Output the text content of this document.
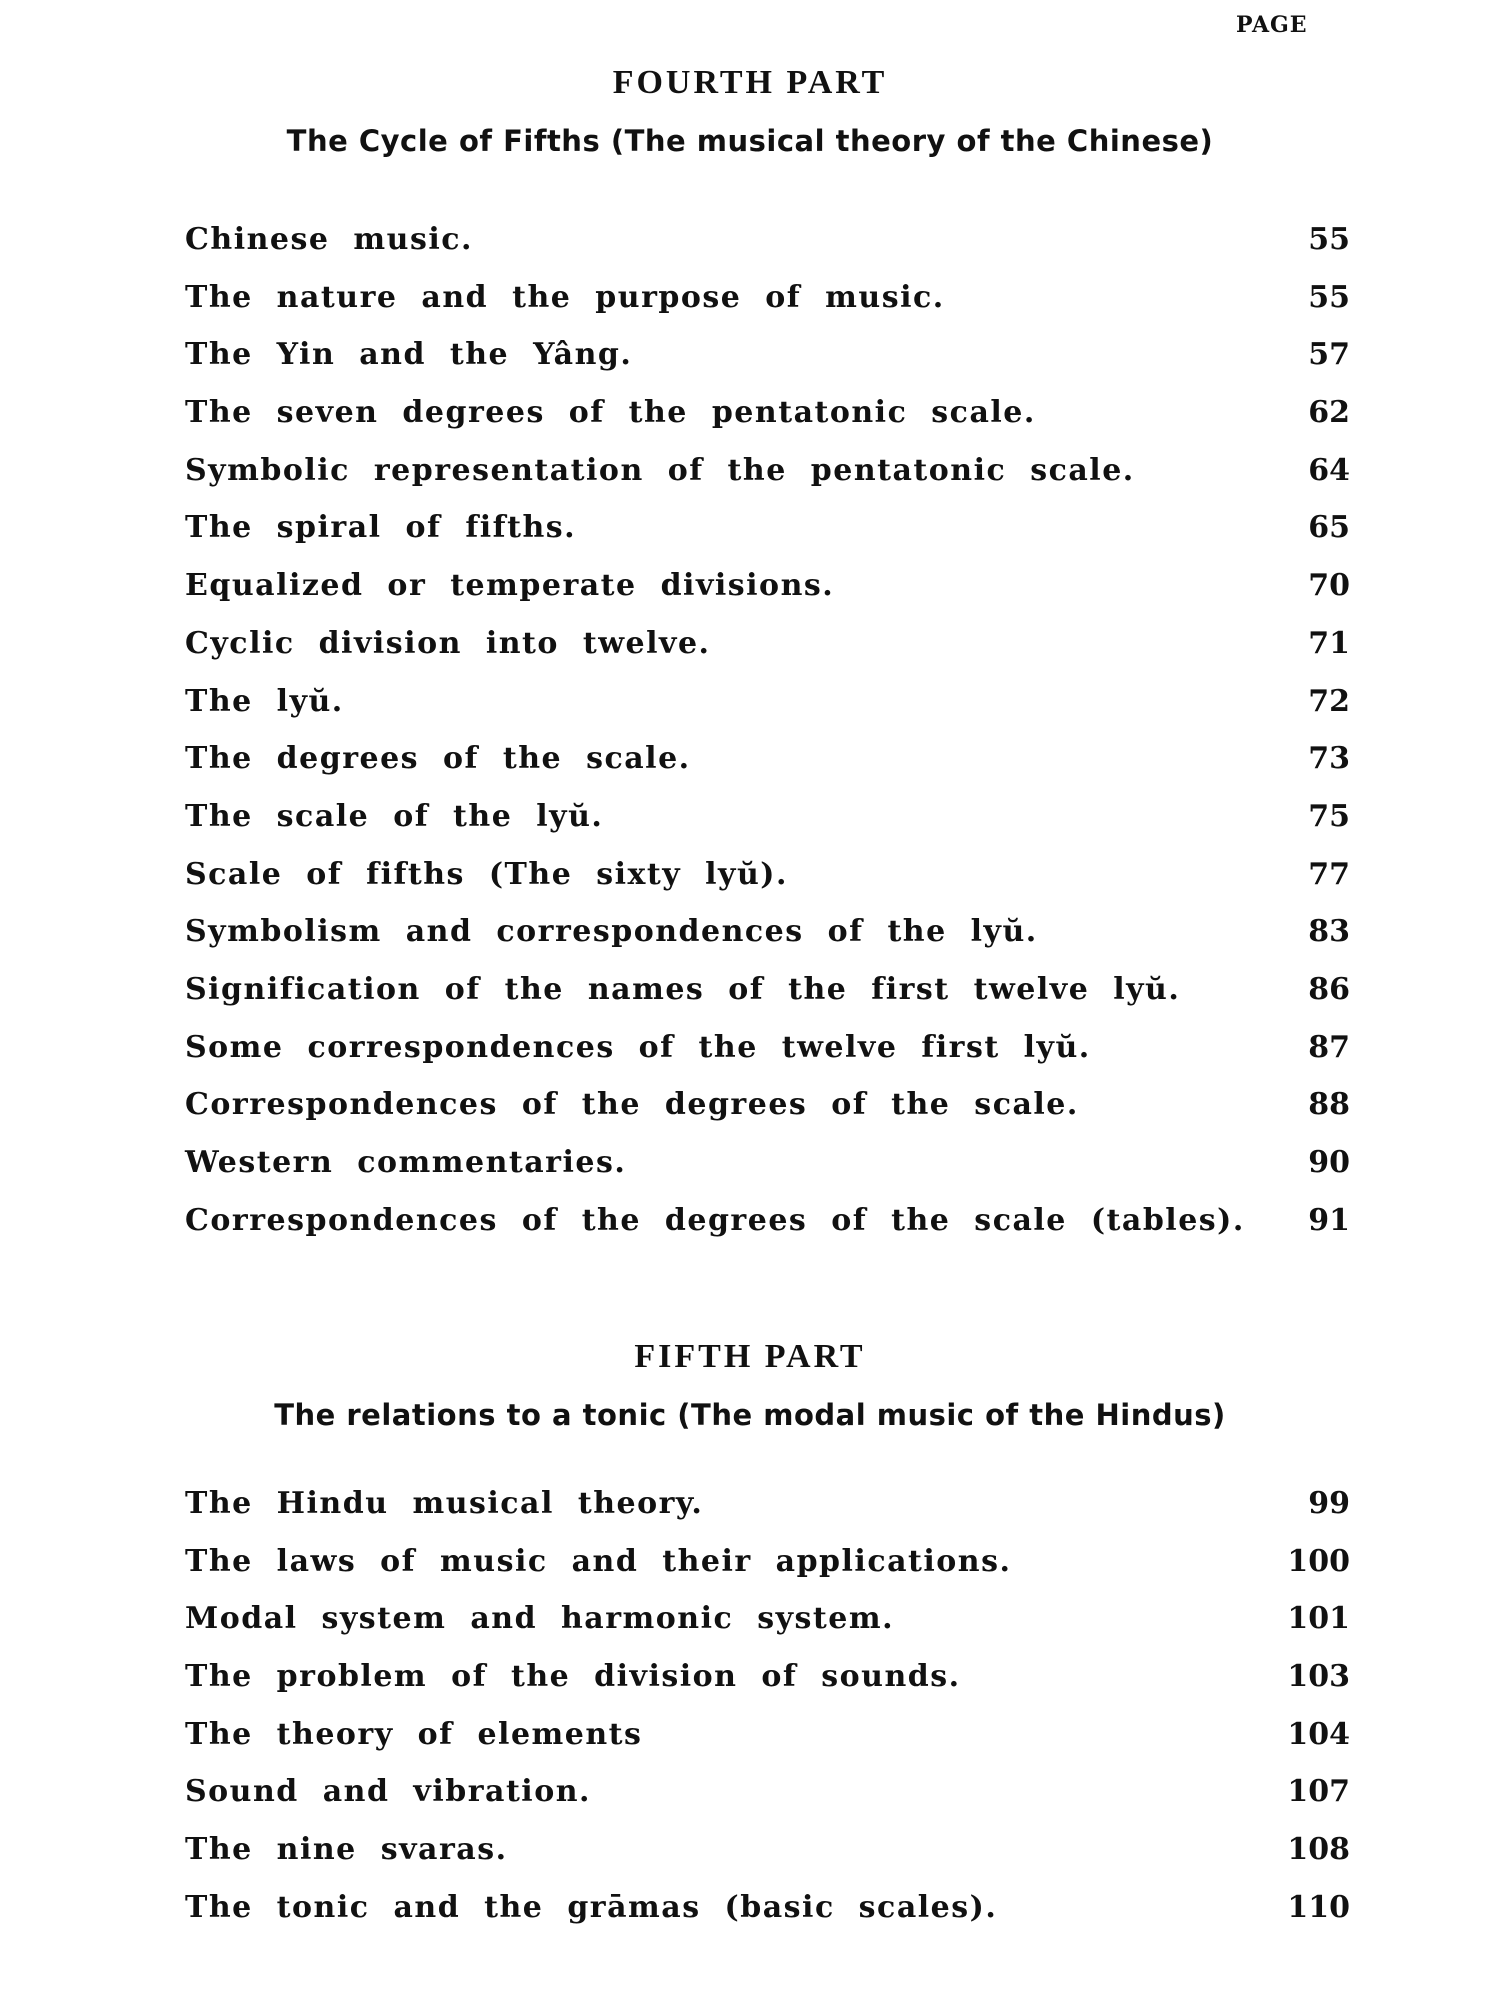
PAGE
FOURTH PART
The Cycle of Fifths (The musical theory of the Chinese)
Chinese music.	55
The nature and the purpose of music.	55
The Yin and the Yâng.	57
The seven degrees of the pentatonic scale.	62
Symbolic representation of the pentatonic scale.	64
The spiral of fifths.	65
Equalized or temperate divisions.	70
Cyclic division into twelve.	71
The lyŭ.	72
The degrees of the scale.	73
The scale of the lyŭ.	75
Scale of fifths (The sixty lyŭ).	77
Symbolism and correspondences of the lyŭ.	83
Signification of the names of the first twelve lyŭ.	86
Some correspondences of the twelve first lyŭ.	87
Correspondences of the degrees of the scale.	88
Western commentaries.	90
Correspondences of the degrees of the scale (tables). 91
FIFTH PART
The relations to a tonic (The modal music of the Hindus)
The Hindu musical theory.	99
The laws of music and their applications.	100
Modal system and harmonic system.	101
The problem of the division of sounds.	103
The theory of elements	104
Sound and vibration.	107
The nine svaras.	108
The tonic and the grāmas (basic scales).	110
